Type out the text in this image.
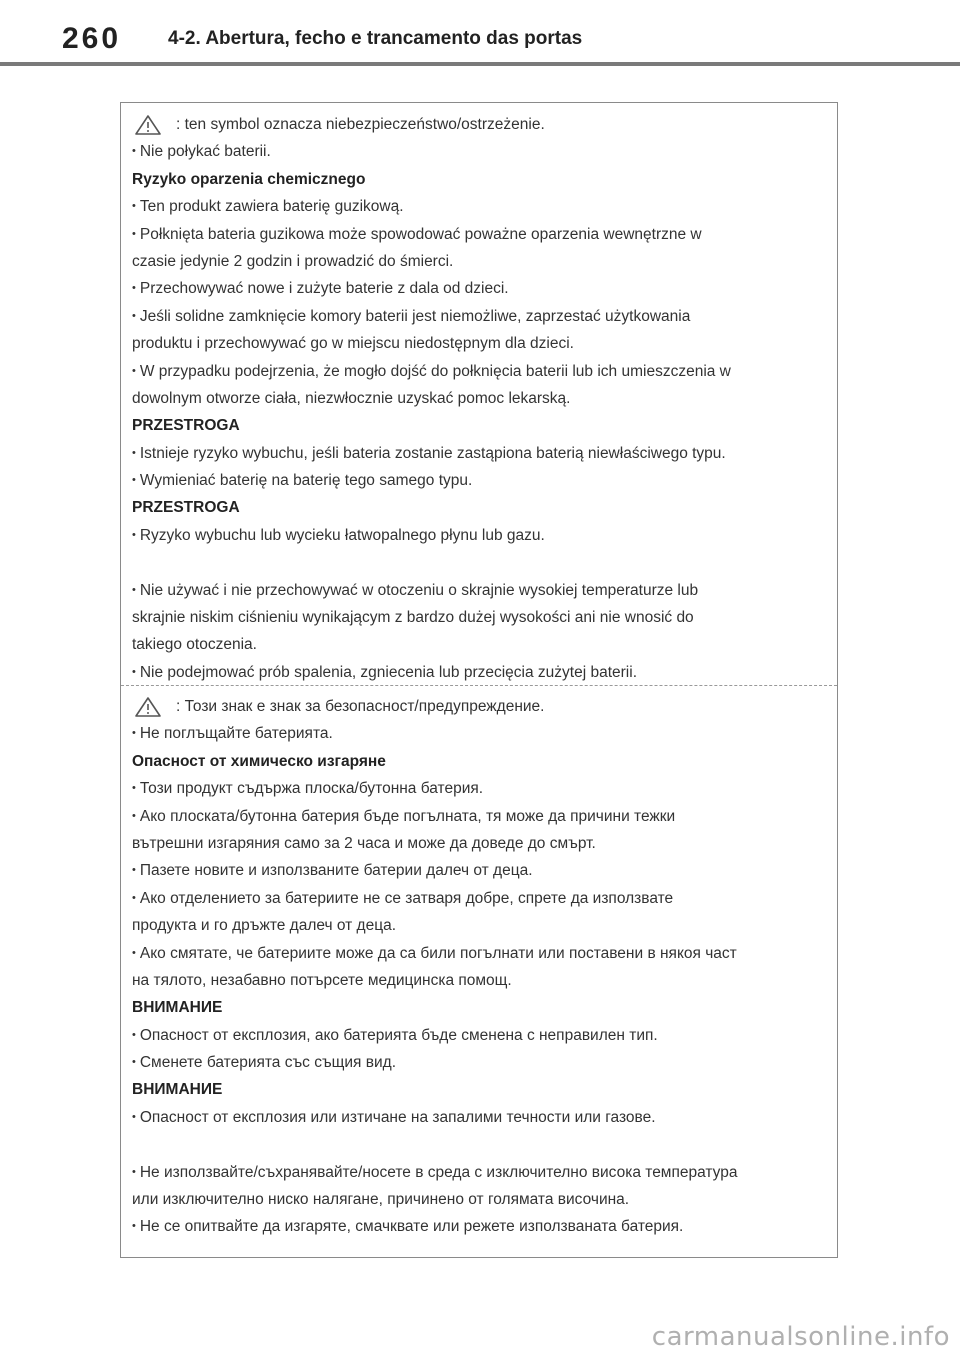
260 4-2. Abertura, fecho e trancamento das portas
: ten symbol oznacza niebezpieczeństwo/ostrzeżenie.
• Nie połykać baterii.
Ryzyko oparzenia chemicznego
• Ten produkt zawiera baterię guzikową.
• Połknięta bateria guzikowa może spowodować poważne oparzenia wewnętrzne w
czasie jedynie 2 godzin i prowadzić do śmierci.
• Przechowywać nowe i zużyte baterie z dala od dzieci.
• Jeśli solidne zamknięcie komory baterii jest niemożliwe, zaprzestać użytkowania
produktu i przechowywać go w miejscu niedostępnym dla dzieci.
• W przypadku podejrzenia, że mogło dojść do połknięcia baterii lub ich umieszczenia w
dowolnym otworze ciała, niezwłocznie uzyskać pomoc lekarską.
PRZESTROGA
• Istnieje ryzyko wybuchu, jeśli bateria zostanie zastąpiona baterią niewłaściwego typu.
• Wymieniać baterię na baterię tego samego typu.
PRZESTROGA
• Ryzyko wybuchu lub wycieku łatwopalnego płynu lub gazu.
• Nie używać i nie przechowywać w otoczeniu o skrajnie wysokiej temperaturze lub
skrajnie niskim ciśnieniu wynikającym z bardzo dużej wysokości ani nie wnosić do
takiego otoczenia.
• Nie podejmować prób spalenia, zgniecenia lub przecięcia zużytej baterii.
: Този знак е знак за безопасност/предупреждение.
• Не поглъщайте батерията.
Опасност от химическо изгаряне
• Този продукт съдържа плоска/бутонна батерия.
• Ако плоската/бутонна батерия бъде погълната, тя може да причини тежки
вътрешни изгаряния само за 2 часа и може да доведе до смърт.
• Пазете новите и използваните батерии далеч от деца.
• Ако отделението за батериите не се затваря добре, спрете да използвате
продукта и го дръжте далеч от деца.
• Ако смятате, че батериите може да са били погълнати или поставени в някоя част
на тялото, незабавно потърсете медицинска помощ.
ВНИМАНИЕ
• Опасност от експлозия, ако батерията бъде сменена с неправилен тип.
• Сменете батерията със същия вид.
ВНИМАНИЕ
• Опасност от експлозия или изтичане на запалими течности или газове.
• Не използвайте/съхранявайте/носете в среда с изключително висока температура
или изключително ниско налягане, причинено от голямата височина.
• Не се опитвайте да изгаряте, смачквате или режете използваната батерия.
carmanualsonline.info
